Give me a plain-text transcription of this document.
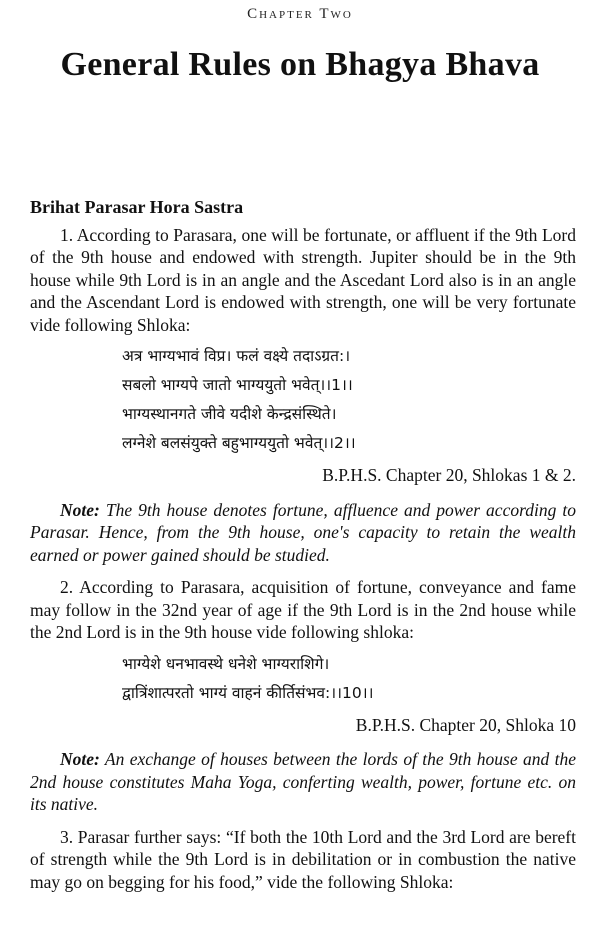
Chapter Two
General Rules on Bhagya Bhava
Brihat Parasar Hora Sastra

1. According to Parasara, one will be fortunate, or affluent if the 9th Lord of the 9th house and endowed with strength. Jupiter should be in the 9th house while 9th Lord is in an angle and the Ascedant Lord also is in an angle and the Ascendant Lord is endowed with strength, one will be very fortunate vide following Shloka:

अत्र भाग्यभावं विप्र। फलं वक्ष्ये तदाऽग्रत:।
सबलो भाग्यपे जातो भाग्ययुतो भवेत्।।1।।
भाग्यस्थानगते जीवे यदीशे केन्द्रसंस्थिते।
लग्नेशे बलसंयुक्ते बहुभाग्ययुतो भवेत्।।2।।
B.P.H.S. Chapter 20, Shlokas 1 & 2.

Note: The 9th house denotes fortune, affluence and power according to Parasar. Hence, from the 9th house, one's capacity to retain the wealth earned or power gained should be studied.

2. According to Parasara, acquisition of fortune, conveyance and fame may follow in the 32nd year of age if the 9th Lord is in the 2nd house while the 2nd Lord is in the 9th house vide following shloka:

भाग्येशे धनभावस्थे धनेशे भाग्यराशिगे।
द्वात्रिंशात्परतो भाग्यं वाहनं कीर्तिसंभव:।।10।।
B.P.H.S. Chapter 20, Shloka 10

Note: An exchange of houses between the lords of the 9th house and the 2nd house constitutes Maha Yoga, conferting wealth, power, fortune etc. on its native.

3. Parasar further says: “If both the 10th Lord and the 3rd Lord are bereft of strength while the 9th Lord is in debilitation or in combustion the native may go on begging for his food,” vide the following Shloka:
